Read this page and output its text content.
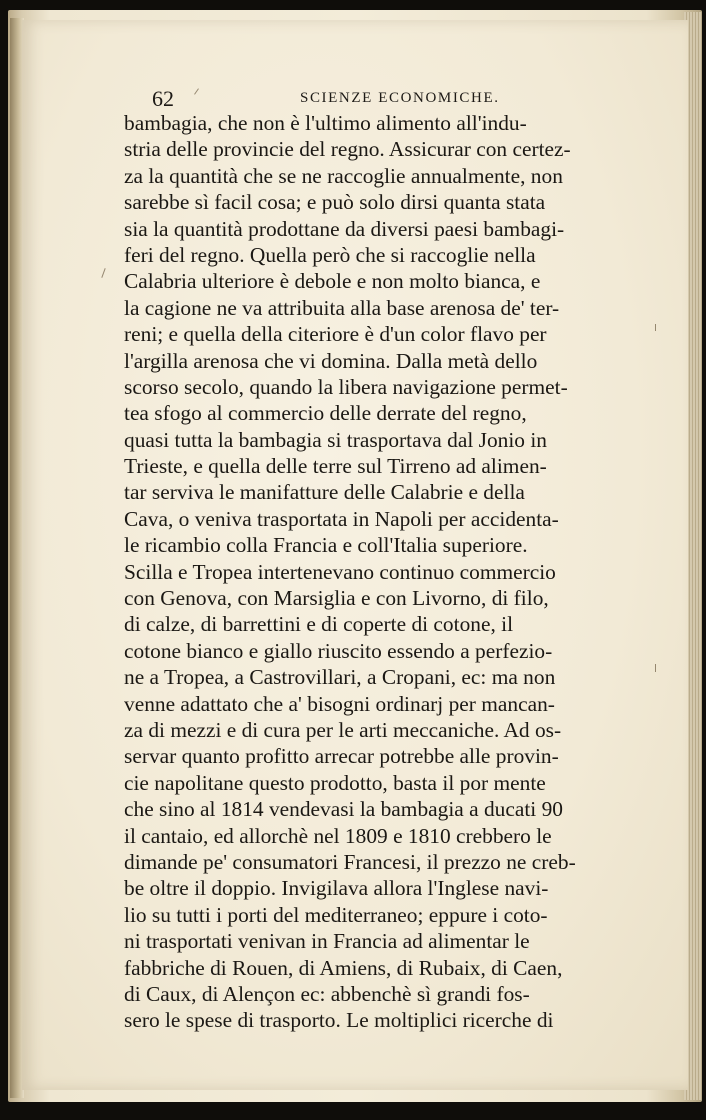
62	SCIENZE ECONOMICHE.
bambagia, che non è l'ultimo alimento all'indu-
stria delle provincie del regno. Assicurar con certez-
za la quantità che se ne raccoglie annualmente, non
sarebbe sì facil cosa; e può solo dirsi quanta stata
sia la quantità prodottane da diversi paesi bambagi-
feri del regno. Quella però che si raccoglie nella
Calabria ulteriore è debole e non molto bianca, e
la cagione ne va attribuita alla base arenosa de' ter-
reni; e quella della citeriore è d'un color flavo per
l'argilla arenosa che vi domina. Dalla metà dello
scorso secolo, quando la libera navigazione permet-
tea sfogo al commercio delle derrate del regno,
quasi tutta la bambagia si trasportava dal Jonio in
Trieste, e quella delle terre sul Tirreno ad alimen-
tar serviva le manifatture delle Calabrie e della
Cava, o veniva trasportata in Napoli per accidenta-
le ricambio colla Francia e coll'Italia superiore.
Scilla e Tropea intertenevano continuo commercio
con Genova, con Marsiglia e con Livorno, di filo,
di calze, di barrettini e di coperte di cotone, il
cotone bianco e giallo riuscito essendo a perfezio-
ne a Tropea, a Castrovillari, a Cropani, ec: ma non
venne adattato che a' bisogni ordinarj per mancan-
za di mezzi e di cura per le arti meccaniche. Ad os-
servar quanto profitto arrecar potrebbe alle provin-
cie napolitane questo prodotto, basta il por mente
che sino al 1814 vendevasi la bambagia a ducati 90
il cantaio, ed allorchè nel 1809 e 1810 crebbero le
dimande pe' consumatori Francesi, il prezzo ne creb-
be oltre il doppio. Invigilava allora l'Inglese navi-
lio su tutti i porti del mediterraneo; eppure i coto-
ni trasportati venivan in Francia ad alimentar le
fabbriche di Rouen, di Amiens, di Rubaix, di Caen,
di Caux, di Alençon ec: abbenchè sì grandi fos-
sero le spese di trasporto. Le moltiplici ricerche di
